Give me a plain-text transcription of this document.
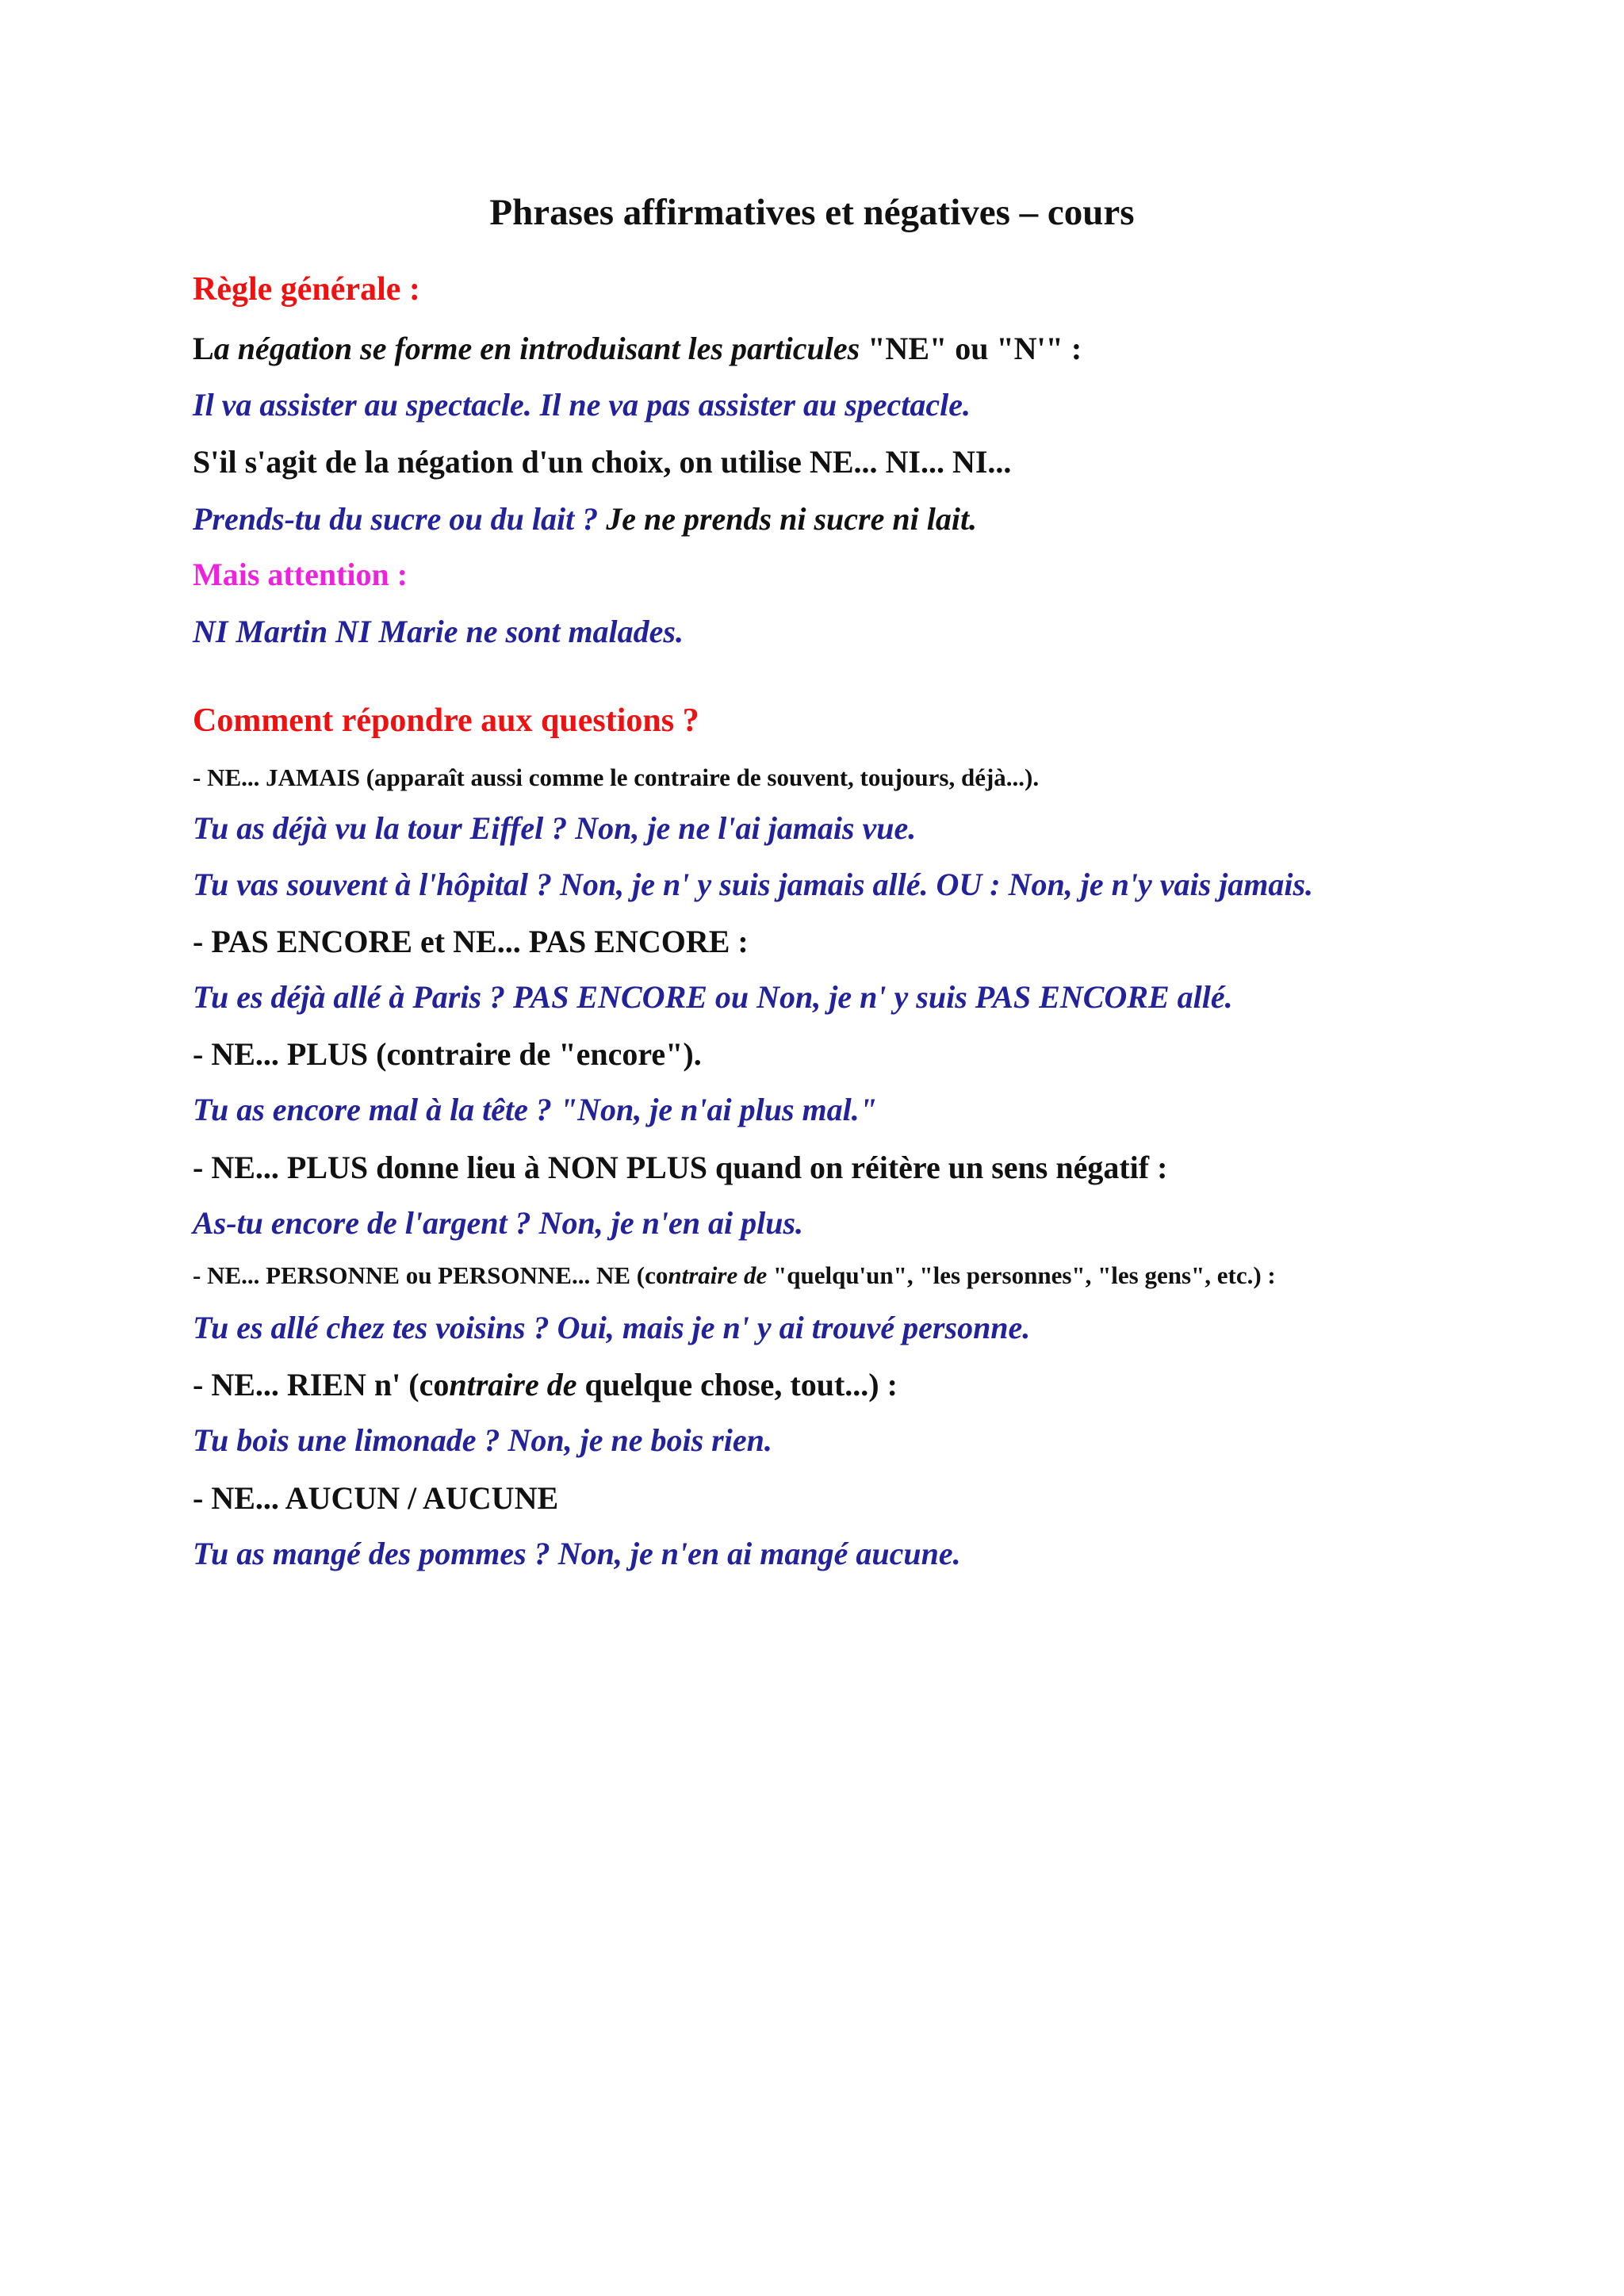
Phrases affirmatives et négatives – cours

Règle générale :

La négation se forme en introduisant les particules "NE" ou "N'" :

Il va assister au spectacle. Il ne va pas assister au spectacle.

S'il s'agit de la négation d'un choix, on utilise NE... NI... NI...

Prends-tu du sucre ou du lait ? Je ne prends ni sucre ni lait.

Mais attention :

NI Martin NI Marie ne sont malades.

Comment répondre aux questions ?

- NE... JAMAIS (apparaît aussi comme le contraire de souvent, toujours, déjà...).

Tu as déjà vu la tour Eiffel ? Non, je ne l'ai jamais vue.

Tu vas souvent à l'hôpital ? Non, je n' y suis jamais allé. OU : Non, je n'y vais jamais.

- PAS ENCORE et NE... PAS ENCORE :

Tu es déjà allé à Paris ? PAS ENCORE ou Non, je n' y suis PAS ENCORE allé.

- NE... PLUS (contraire de "encore").

Tu as encore mal à la tête ? "Non, je n'ai plus mal."

- NE... PLUS donne lieu à NON PLUS quand on réitère un sens négatif :

As-tu encore de l'argent ? Non, je n'en ai plus.

- NE... PERSONNE ou PERSONNE... NE (contraire de "quelqu'un", "les personnes", "les gens", etc.) :

Tu es allé chez tes voisins ? Oui, mais je n' y ai trouvé personne.

- NE... RIEN n' (contraire de quelque chose, tout...) :

Tu bois une limonade ? Non, je ne bois rien.

- NE... AUCUN / AUCUNE

Tu as mangé des pommes ? Non, je n'en ai mangé aucune.
